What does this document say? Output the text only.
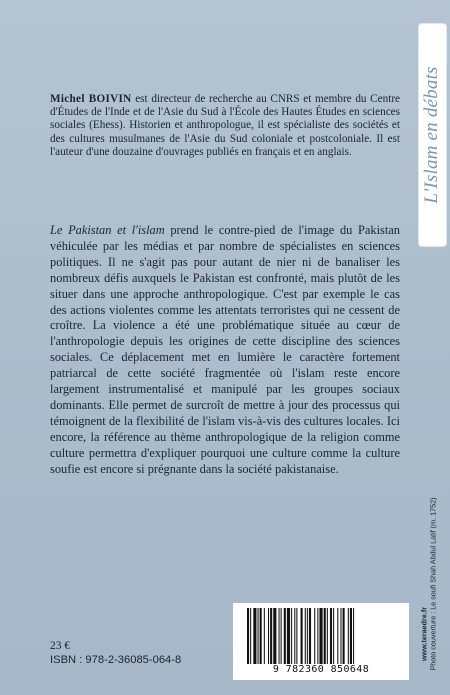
L'Islam en débats

Michel BOIVIN est directeur de recherche au CNRS et membre du Centre d'Études de l'Inde et de l'Asie du Sud à l'École des Hautes Études en sciences sociales (Ehess). Historien et anthropologue, il est spécialiste des sociétés et des cultures musulmanes de l'Asie du Sud coloniale et postcoloniale. Il est l'auteur d'une douzaine d'ouvrages publiés en français et en anglais.

Le Pakistan et l'islam prend le contre-pied de l'image du Pakistan véhiculée par les médias et par nombre de spécialistes en sciences politiques. Il ne s'agit pas pour autant de nier ni de banaliser les nombreux défis auxquels le Pakistan est confronté, mais plutôt de les situer dans une approche anthropologique. C'est par exemple le cas des actions violentes comme les attentats terroristes qui ne cessent de croître. La violence a été une problématique située au cœur de l'anthropologie depuis les origines de cette discipline des sciences sociales. Ce déplacement met en lumière le caractère fortement patriarcal de cette société fragmentée où l'islam reste encore largement instrumentalisé et manipulé par les groupes sociaux dominants. Elle permet de surcroît de mettre à jour des processus qui témoignent de la flexibilité de l'islam vis-à-vis des cultures locales. Ici encore, la référence au thème anthropologique de la religion comme culture permettra d'expliquer pourquoi une culture comme la culture soufie est encore si prégnante dans la société pakistanaise.

23 €
ISBN : 978-2-36085-064-8
9 782360 850648	Photo couverture : Le soufi Shah Abdul Latif (m. 1752)
www.teraedre.fr
